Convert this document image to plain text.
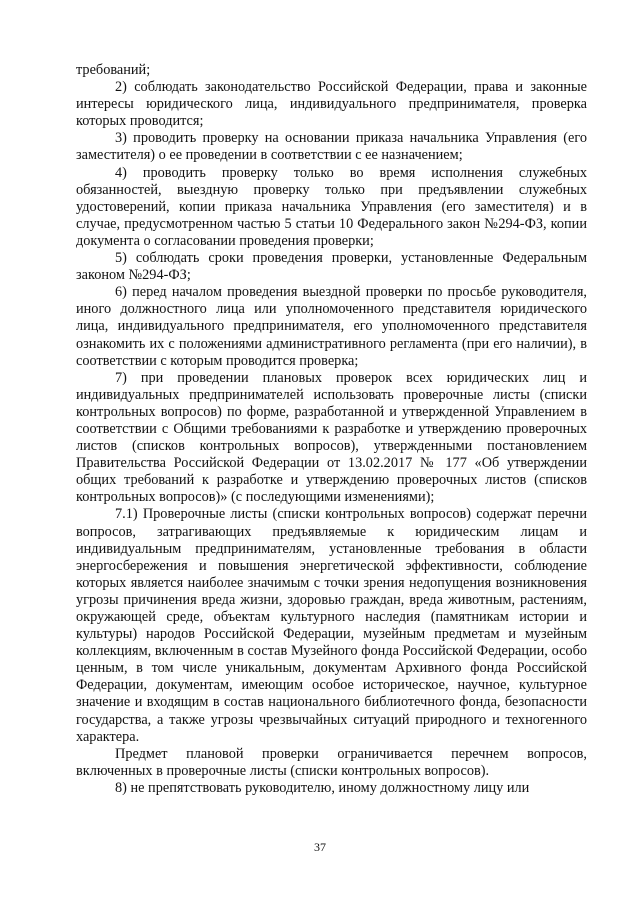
требований;

2) соблюдать законодательство Российской Федерации, права и законные интересы юридического лица, индивидуального предпринимателя, проверка которых проводится;

3) проводить проверку на основании приказа начальника Управления (его заместителя) о ее проведении в соответствии с ее назначением;

4) проводить проверку только во время исполнения служебных обязанностей, выездную проверку только при предъявлении служебных удостоверений, копии приказа начальника Управления (его заместителя) и в случае, предусмотренном частью 5 статьи 10 Федерального закон №294-ФЗ, копии документа о согласовании проведения проверки;

5) соблюдать сроки проведения проверки, установленные Федеральным законом №294-ФЗ;

6) перед началом проведения выездной проверки по просьбе руководителя, иного должностного лица или уполномоченного представителя юридического лица, индивидуального предпринимателя, его уполномоченного представителя ознакомить их с положениями административного регламента (при его наличии), в соответствии с которым проводится проверка;

7) при проведении плановых проверок всех юридических лиц и индивидуальных предпринимателей использовать проверочные листы (списки контрольных вопросов) по форме, разработанной и утвержденной Управлением в соответствии с Общими требованиями к разработке и утверждению проверочных листов (списков контрольных вопросов), утвержденными постановлением Правительства Российской Федерации от 13.02.2017 № 177 «Об утверждении общих требований к разработке и утверждению проверочных листов (списков контрольных вопросов)» (с последующими изменениями);

7.1) Проверочные листы (списки контрольных вопросов) содержат перечни вопросов, затрагивающих предъявляемые к юридическим лицам и индивидуальным предпринимателям, установленные требования в области энергосбережения и повышения энергетической эффективности, соблюдение которых является наиболее значимым с точки зрения недопущения возникновения угрозы причинения вреда жизни, здоровью граждан, вреда животным, растениям, окружающей среде, объектам культурного наследия (памятникам истории и культуры) народов Российской Федерации, музейным предметам и музейным коллекциям, включенным в состав Музейного фонда Российской Федерации, особо ценным, в том числе уникальным, документам Архивного фонда Российской Федерации, документам, имеющим особое историческое, научное, культурное значение и входящим в состав национального библиотечного фонда, безопасности государства, а также угрозы чрезвычайных ситуаций природного и техногенного характера.

Предмет плановой проверки ограничивается перечнем вопросов, включенных в проверочные листы (списки контрольных вопросов).

8) не препятствовать руководителю, иному должностному лицу или

37
